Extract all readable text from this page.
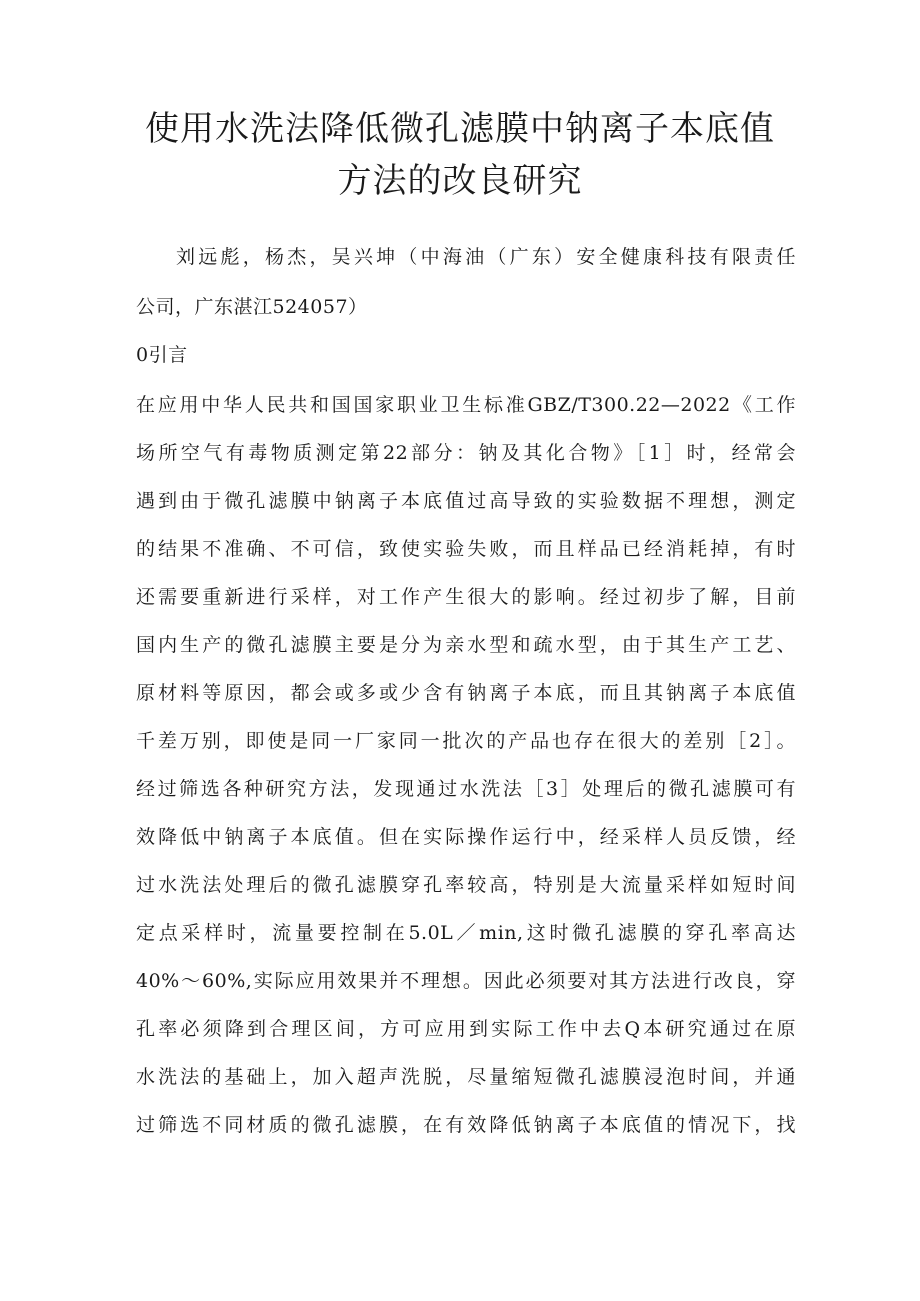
使用水洗法降低微孔滤膜中钠离子本底值
方法的改良研究

刘远彪，杨杰，吴兴坤（中海油（广东）安全健康科技有限责任

公司，广东湛江524057）

0引言

在应用中华人民共和国国家职业卫生标准GBZ/T300.22—2022《工作

场所空气有毒物质测定第22部分：钠及其化合物》［1］时，经常会

遇到由于微孔滤膜中钠离子本底值过高导致的实验数据不理想，测定

的结果不准确、不可信，致使实验失败，而且样品已经消耗掉，有时

还需要重新进行采样，对工作产生很大的影响。经过初步了解，目前

国内生产的微孔滤膜主要是分为亲水型和疏水型，由于其生产工艺、

原材料等原因，都会或多或少含有钠离子本底，而且其钠离子本底值

千差万别，即使是同一厂家同一批次的产品也存在很大的差别［2］。

经过筛选各种研究方法，发现通过水洗法［3］处理后的微孔滤膜可有

效降低中钠离子本底值。但在实际操作运行中，经采样人员反馈，经

过水洗法处理后的微孔滤膜穿孔率较高，特别是大流量采样如短时间

定点采样时，流量要控制在5.0L／min,这时微孔滤膜的穿孔率高达

40%～60%,实际应用效果并不理想。因此必须要对其方法进行改良，穿

孔率必须降到合理区间，方可应用到实际工作中去Q本研究通过在原

水洗法的基础上，加入超声洗脱，尽量缩短微孔滤膜浸泡时间，并通

过筛选不同材质的微孔滤膜，在有效降低钠离子本底值的情况下，找
